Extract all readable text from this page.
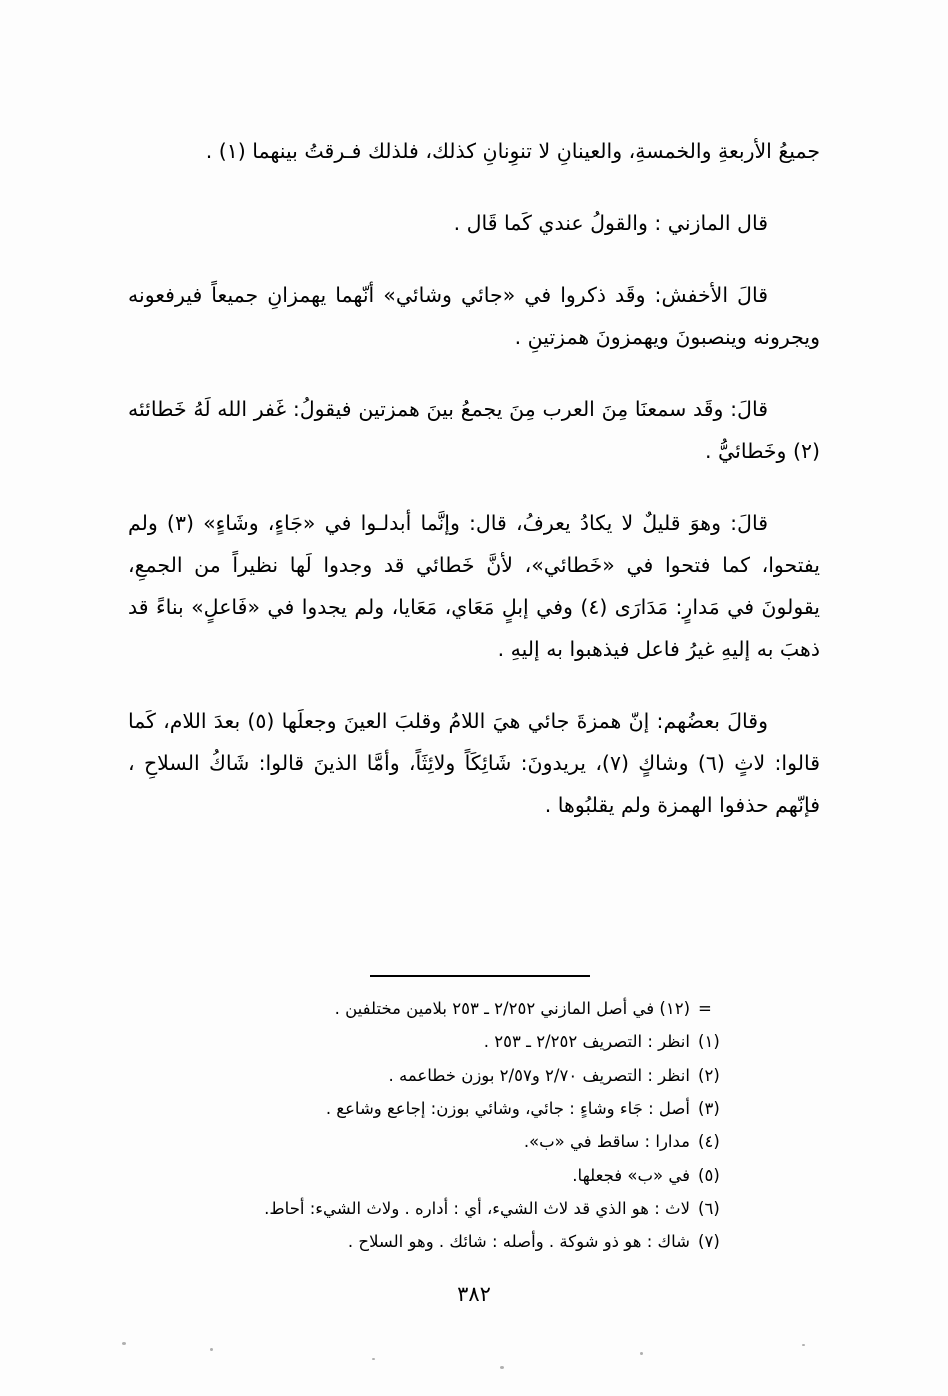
جميعُ الأربعةِ والخمسةِ، والعينانِ لا تنوِنانِ كذلك، فلذلك فـرقتُ بينهما (١) .

قال المازني : والقولُ عندي كَما قَال .

قالَ الأخفش: وقَد ذكروا في «جائي وشائي» أنّهما يهمزانِ جميعاً فيرفعونه ويجرونه وينصبونَ ويهمزونَ همزتينِ .

قالَ: وقَد سمعنَا مِنَ العرب مِنَ يجمعُ بينَ همزتين فيقولُ: غَفر الله لَهُ خَطائئه (٢) وخَطائيُّ .

قالَ: وهوَ قليلٌ لا يكادُ يعرفُ، قال: وإنَّما أبدلـوا في «جَاءٍ، وشَاءٍ» (٣) ولم يفتحوا، كما فتحوا في «خَطائي»، لأنَّ خَطائي قد وجدوا لَها نظيراً من الجمعِ، يقولونَ في مَدارٍ: مَدَارَى (٤) وفي إبلٍ مَعَاي، مَعَايا، ولم يجدوا في «فَاعلٍ» بناءً قد ذهبَ به إليهِ غيرُ فاعل فيذهبوا به إليهِ .

وقالَ بعضُهم: إنّ همزةَ جائي هيَ اللامُ وقلبَ العينَ وجعلَها (٥) بعدَ اللام، كَما قالوا: لاثٍ (٦) وشاكٍ (٧)، يريدونَ: شَائِكَاً ولائِثَاً، وأمَّا الذينَ قالوا: شَاكُ السلاحِ ، فإنّهم حذفوا الهمزة ولم يقلبُوها .

=
(١٢) في أصل المازني ٢/٢٥٢ ـ ٢٥٣ بلامين مختلفين .
(١)
انظر : التصريف ٢/٢٥٢ ـ ٢٥٣ .
(٢)
انظر : التصريف ٢/٧٠ و٢/٥٧ بوزن خطاعمه .
(٣)
أصل : جَاء وشاءٍ : جائي، وشائي بوزن: إجاعع وشاعع .
(٤)
مدارا : ساقط في «ب».
(٥)
في «ب» فجعلها.
(٦)
لاث : هو الذي قد لاث الشيء، أي : أداره . ولاث الشيء: أحاط.
(٧)
شاك : هو ذو شوكة . وأصله : شائك . وهو السلاح .
٣٨٢
